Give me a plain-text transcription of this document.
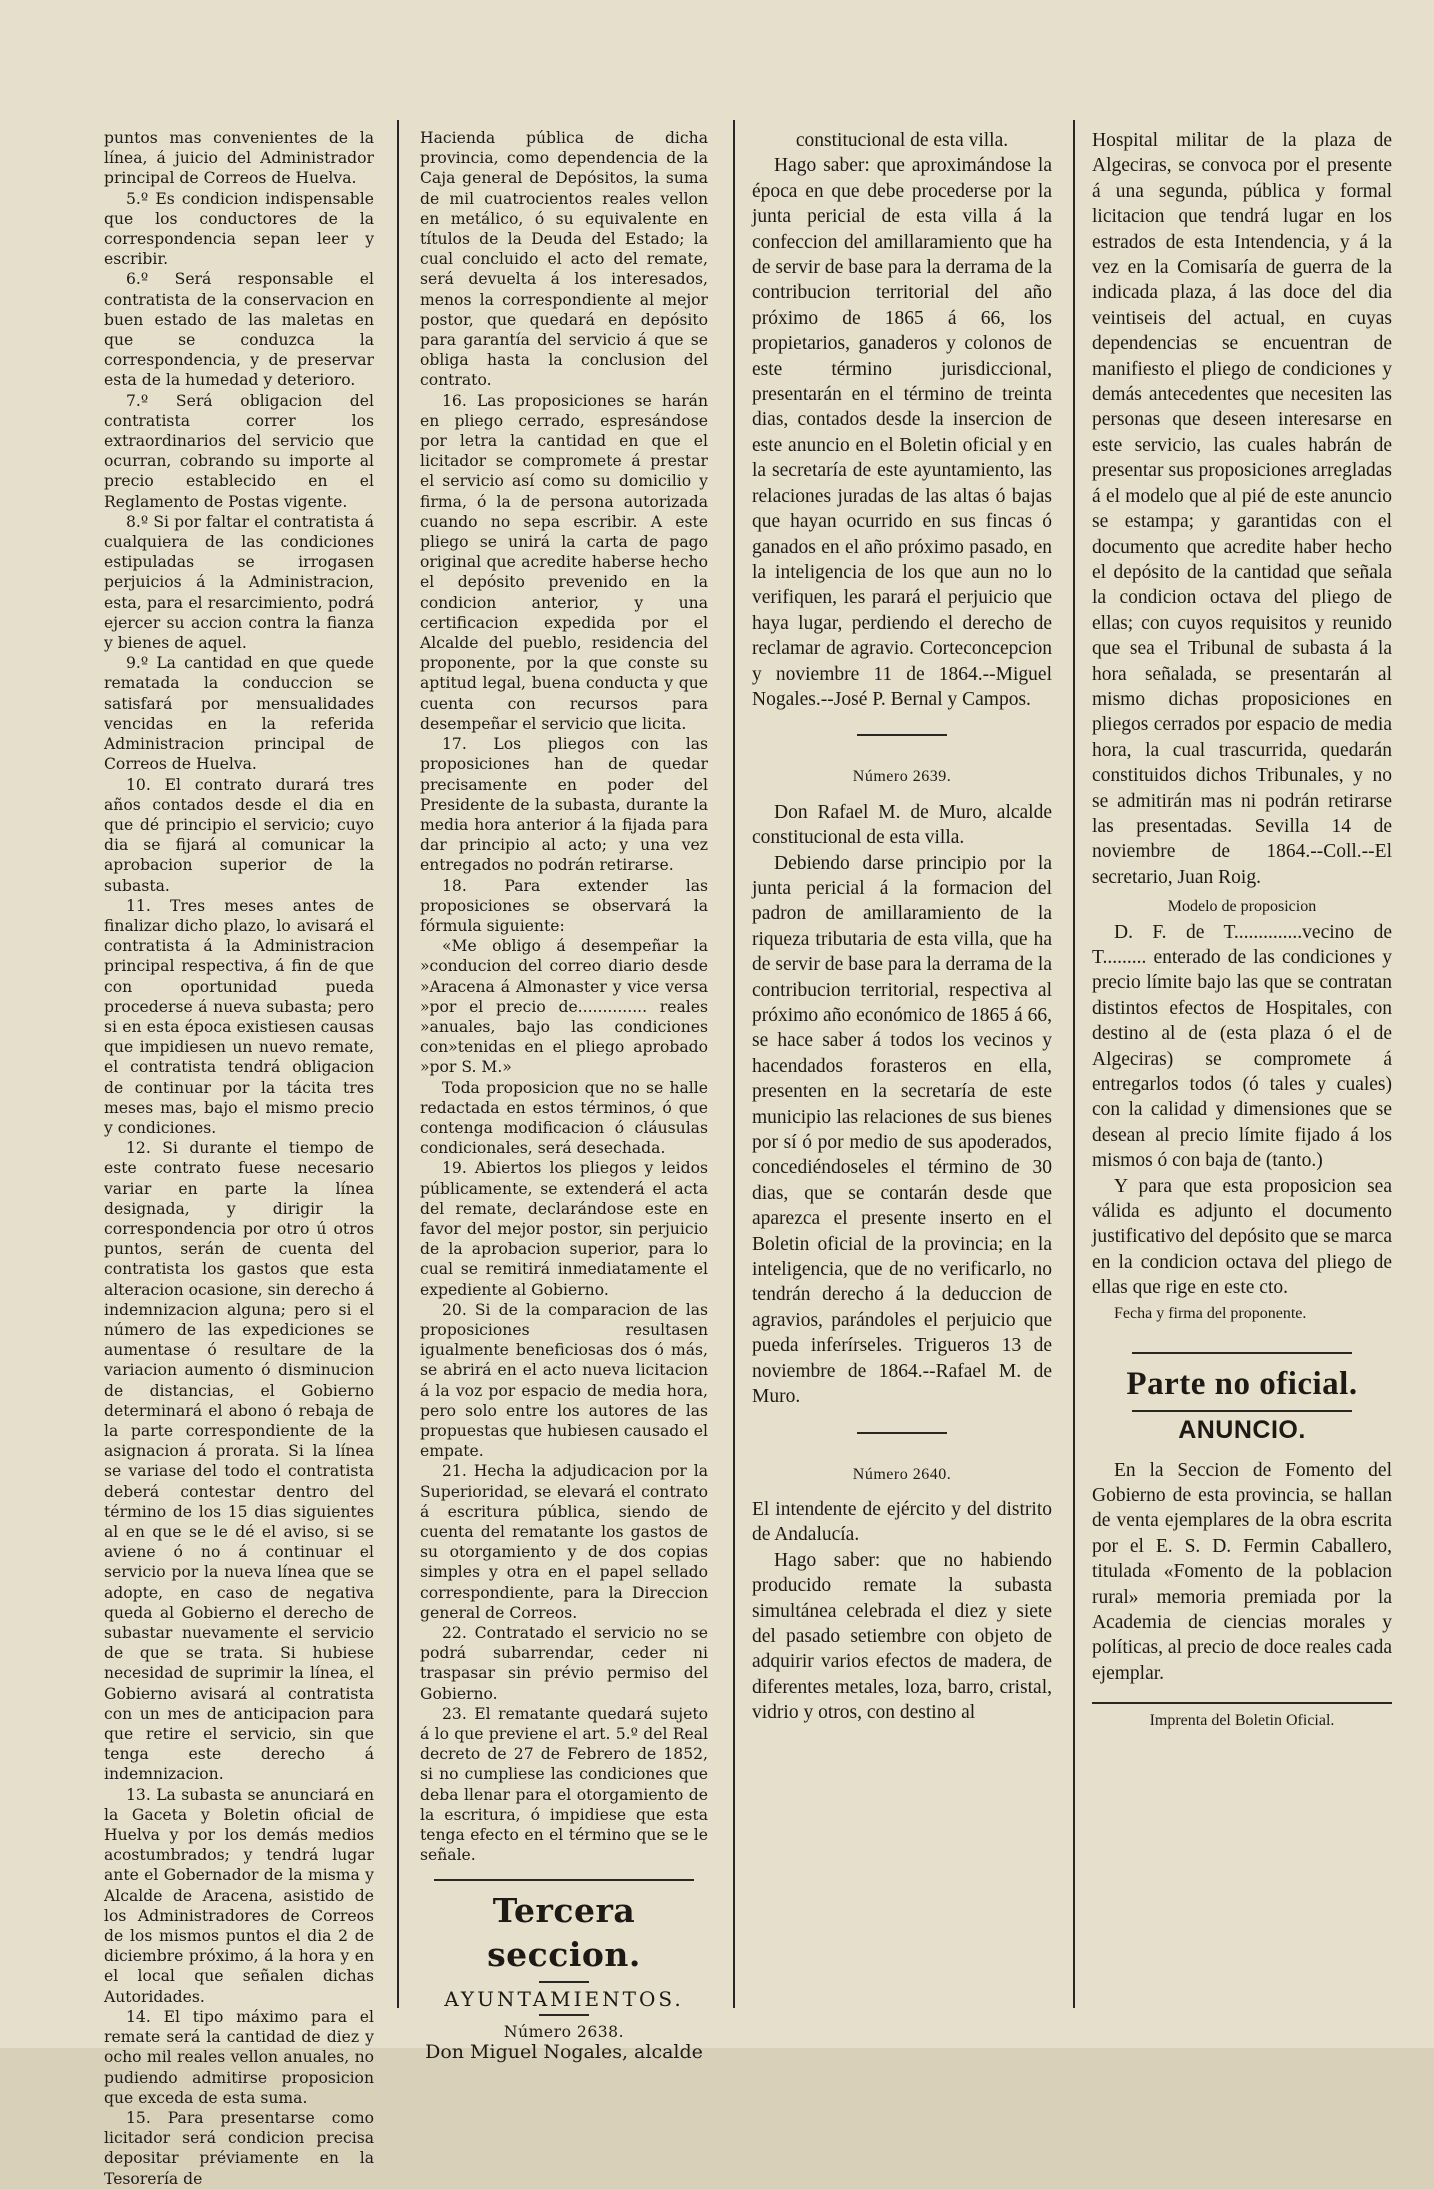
puntos mas convenientes de la línea, á juicio del Administrador principal de Correos de Huelva.

5.º Es condicion indispensable que los conductores de la correspondencia sepan leer y escribir.

6.º Será responsable el contratista de la conservacion en buen estado de las maletas en que se conduzca la correspondencia, y de preservar esta de la humedad y deterioro.

7.º Será obligacion del contratista correr los extraordinarios del servicio que ocurran, cobrando su importe al precio establecido en el Reglamento de Postas vigente.

8.º Si por faltar el contratista á cualquiera de las condiciones estipuladas se irrogasen perjuicios á la Administracion, esta, para el resarcimiento, podrá ejercer su accion contra la fianza y bienes de aquel.

9.º La cantidad en que quede rematada la conduccion se satisfará por mensualidades vencidas en la referida Administracion principal de Correos de Huelva.

10. El contrato durará tres años contados desde el dia en que dé principio el servicio; cuyo dia se fijará al comunicar la aprobacion superior de la subasta.

11. Tres meses antes de finalizar dicho plazo, lo avisará el contratista á la Administracion principal respectiva, á fin de que con oportunidad pueda procederse á nueva subasta; pero si en esta época existiesen causas que impidiesen un nuevo remate, el contratista tendrá obligacion de continuar por la tácita tres meses mas, bajo el mismo precio y condiciones.

12. Si durante el tiempo de este contrato fuese necesario variar en parte la línea designada, y dirigir la correspondencia por otro ú otros puntos, serán de cuenta del contratista los gastos que esta alteracion ocasione, sin derecho á indemnizacion alguna; pero si el número de las expediciones se aumentase ó resultare de la variacion aumento ó disminucion de distancias, el Gobierno determinará el abono ó rebaja de la parte correspondiente de la asignacion á prorata. Si la línea se variase del todo el contratista deberá contestar dentro del término de los 15 dias siguientes al en que se le dé el aviso, si se aviene ó no á continuar el servicio por la nueva línea que se adopte, en caso de negativa queda al Gobierno el derecho de subastar nuevamente el servicio de que se trata. Si hubiese necesidad de suprimir la línea, el Gobierno avisará al contratista con un mes de anticipacion para que retire el servicio, sin que tenga este derecho á indemnizacion.

13. La subasta se anunciará en la Gaceta y Boletin oficial de Huelva y por los demás medios acostumbrados; y tendrá lugar ante el Gobernador de la misma y Alcalde de Aracena, asistido de los Administradores de Correos de los mismos puntos el dia 2 de diciembre próximo, á la hora y en el local que señalen dichas Autoridades.

14. El tipo máximo para el remate será la cantidad de diez y ocho mil reales vellon anuales, no pudiendo admitirse proposicion que exceda de esta suma.

15. Para presentarse como licitador será condicion precisa depositar préviamente en la Tesorería de

Hacienda pública de dicha provincia, como dependencia de la Caja general de Depósitos, la suma de mil cuatrocientos reales vellon en metálico, ó su equivalente en títulos de la Deuda del Estado; la cual concluido el acto del remate, será devuelta á los interesados, menos la correspondiente al mejor postor, que quedará en depósito para garantía del servicio á que se obliga hasta la conclusion del contrato.

16. Las proposiciones se harán en pliego cerrado, espresándose por letra la cantidad en que el licitador se compromete á prestar el servicio así como su domicilio y firma, ó la de persona autorizada cuando no sepa escribir. A este pliego se unirá la carta de pago original que acredite haberse hecho el depósito prevenido en la condicion anterior, y una certificacion expedida por el Alcalde del pueblo, residencia del proponente, por la que conste su aptitud legal, buena conducta y que cuenta con recursos para desempeñar el servicio que licita.

17. Los pliegos con las proposiciones han de quedar precisamente en poder del Presidente de la subasta, durante la media hora anterior á la fijada para dar principio al acto; y una vez entregados no podrán retirarse.

18. Para extender las proposiciones se observará la fórmula siguiente:

«Me obligo á desempeñar la »conducion del correo diario desde »Aracena á Almonaster y vice versa »por el precio de.............. reales »anuales, bajo las condiciones con»tenidas en el pliego aprobado »por S. M.»

Toda proposicion que no se halle redactada en estos términos, ó que contenga modificacion ó cláusulas condicionales, será desechada.

19. Abiertos los pliegos y leidos públicamente, se extenderá el acta del remate, declarándose este en favor del mejor postor, sin perjuicio de la aprobacion superior, para lo cual se remitirá inmediatamente el expediente al Gobierno.

20. Si de la comparacion de las proposiciones resultasen igualmente beneficiosas dos ó más, se abrirá en el acto nueva licitacion á la voz por espacio de media hora, pero solo entre los autores de las propuestas que hubiesen causado el empate.

21. Hecha la adjudicacion por la Superioridad, se elevará el contrato á escritura pública, siendo de cuenta del rematante los gastos de su otorgamiento y de dos copias simples y otra en el papel sellado correspondiente, para la Direccion general de Correos.

22. Contratado el servicio no se podrá subarrendar, ceder ni traspasar sin prévio permiso del Gobierno.

23. El rematante quedará sujeto á lo que previene el art. 5.º del Real decreto de 27 de Febrero de 1852, si no cumpliese las condiciones que deba llenar para el otorgamiento de la escritura, ó impidiese que esta tenga efecto en el término que se le señale.

Tercera seccion.

AYUNTAMIENTOS.

Número 2638.

Don Miguel Nogales, alcalde

constitucional de esta villa.

Hago saber: que aproximándose la época en que debe procederse por la junta pericial de esta villa á la confeccion del amillaramiento que ha de servir de base para la derrama de la contribucion territorial del año próximo de 1865 á 66, los propietarios, ganaderos y colonos de este término jurisdiccional, presentarán en el término de treinta dias, contados desde la insercion de este anuncio en el Boletin oficial y en la secretaría de este ayuntamiento, las relaciones juradas de las altas ó bajas que hayan ocurrido en sus fincas ó ganados en el año próximo pasado, en la inteligencia de los que aun no lo verifiquen, les parará el perjuicio que haya lugar, perdiendo el derecho de reclamar de agravio. Corteconcepcion y noviembre 11 de 1864.--Miguel Nogales.--José P. Bernal y Campos.

Número 2639.

Don Rafael M. de Muro, alcalde constitucional de esta villa.

Debiendo darse principio por la junta pericial á la formacion del padron de amillaramiento de la riqueza tributaria de esta villa, que ha de servir de base para la derrama de la contribucion territorial, respectiva al próximo año económico de 1865 á 66, se hace saber á todos los vecinos y hacendados forasteros en ella, presenten en la secretaría de este municipio las relaciones de sus bienes por sí ó por medio de sus apoderados, concediéndoseles el término de 30 dias, que se contarán desde que aparezca el presente inserto en el Boletin oficial de la provincia; en la inteligencia, que de no verificarlo, no tendrán derecho á la deduccion de agravios, parándoles el perjuicio que pueda inferírseles. Trigueros 13 de noviembre de 1864.--Rafael M. de Muro.

Número 2640.

El intendente de ejército y del distrito de Andalucía.

Hago saber: que no habiendo producido remate la subasta simultánea celebrada el diez y siete del pasado setiembre con objeto de adquirir varios efectos de madera, de diferentes metales, loza, barro, cristal, vidrio y otros, con destino al

Hospital militar de la plaza de Algeciras, se convoca por el presente á una segunda, pública y formal licitacion que tendrá lugar en los estrados de esta Intendencia, y á la vez en la Comisaría de guerra de la indicada plaza, á las doce del dia veintiseis del actual, en cuyas dependencias se encuentran de manifiesto el pliego de condiciones y demás antecedentes que necesiten las personas que deseen interesarse en este servicio, las cuales habrán de presentar sus proposiciones arregladas á el modelo que al pié de este anuncio se estampa; y garantidas con el documento que acredite haber hecho el depósito de la cantidad que señala la condicion octava del pliego de ellas; con cuyos requisitos y reunido que sea el Tribunal de subasta á la hora señalada, se presentarán al mismo dichas proposiciones en pliegos cerrados por espacio de media hora, la cual trascurrida, quedarán constituidos dichos Tribunales, y no se admitirán mas ni podrán retirarse las presentadas. Sevilla 14 de noviembre de 1864.--Coll.--El secretario, Juan Roig.

Modelo de proposicion

D. F. de T..............vecino de T......... enterado de las condiciones y precio límite bajo las que se contratan distintos efectos de Hospitales, con destino al de (esta plaza ó el de Algeciras) se compromete á entregarlos todos (ó tales y cuales) con la calidad y dimensiones que se desean al precio límite fijado á los mismos ó con baja de (tanto.)

Y para que esta proposicion sea válida es adjunto el documento justificativo del depósito que se marca en la condicion octava del pliego de ellas que rige en este cto.

Fecha y firma del proponente.

Parte no oficial.

ANUNCIO.

En la Seccion de Fomento del Gobierno de esta provincia, se hallan de venta ejemplares de la obra escrita por el E. S. D. Fermin Caballero, titulada «Fomento de la poblacion rural» memoria premiada por la Academia de ciencias morales y políticas, al precio de doce reales cada ejemplar.

Imprenta del Boletin Oficial.
